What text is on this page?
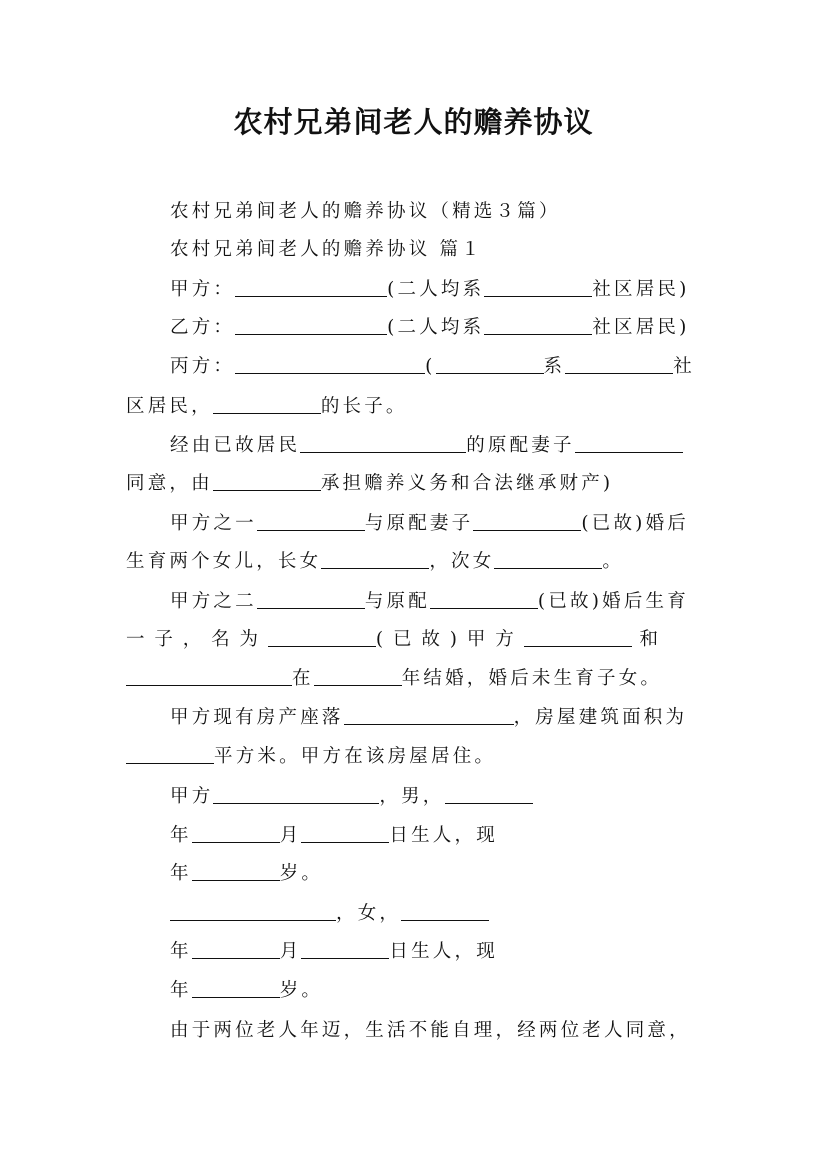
农村兄弟间老人的赡养协议
农村兄弟间老人的赡养协议（精选３篇）
农村兄弟间老人的赡养协议 篇１
甲方：	(二人均系	社区居民)
乙方：	(二人均系	社区居民)
丙方：	(	系	社
区居民，	的长子。
经由已故居民	的原配妻子
同意，由	承担赡养义务和合法继承财产)
甲方之一	与原配妻子	(已故)婚后
生育两个女儿，长女	，次女	。
甲方之二	与原配	(已故)婚后生育
一 子 ， 名 为	( 已 故 ) 甲 方	和
在	年结婚，婚后未生育子女。
甲方现有房产座落	，房屋建筑面积为
平方米。甲方在该房屋居住。
甲方	，男，
年	月	日生人，现
年	岁。
，女，
年	月	日生人，现
年	岁。
由于两位老人年迈，生活不能自理，经两位老人同意，
